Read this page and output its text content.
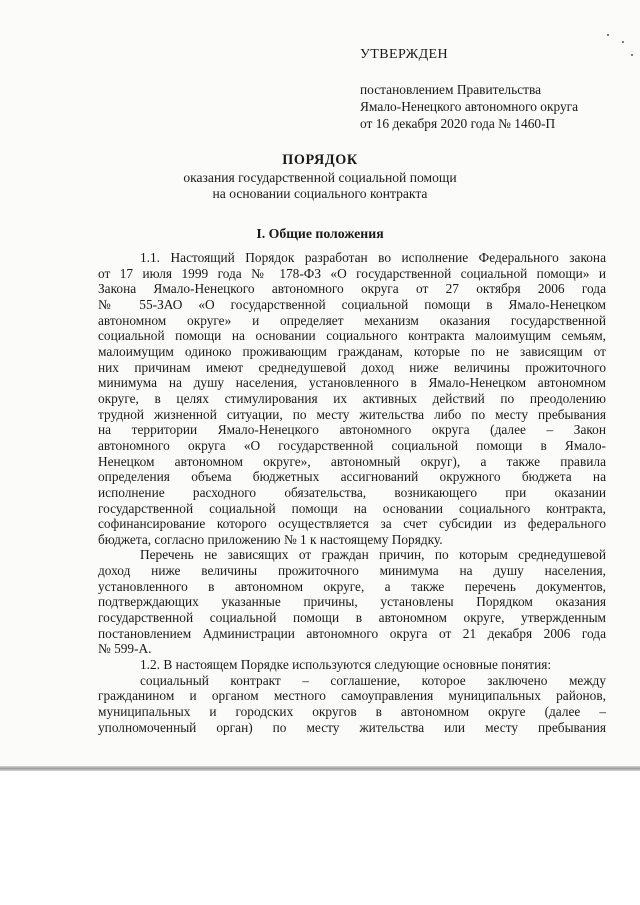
УТВЕРЖДЕН
постановлением Правительства
Ямало-Ненецкого автономного округа
от 16 декабря 2020 года № 1460-П
ПОРЯДОК
оказания государственной социальной помощи
на основании социального контракта
I. Общие положения

1.1. Настоящий Порядок разработан во исполнение Федерального закона
от 17 июля 1999 года № 178-ФЗ «О государственной социальной помощи» и
Закона Ямало-Ненецкого автономного округа от 27 октября 2006 года
№ 55-ЗАО «О государственной социальной помощи в Ямало-Ненецком
автономном округе» и определяет механизм оказания государственной
социальной помощи на основании социального контракта малоимущим семьям,
малоимущим одиноко проживающим гражданам, которые по не зависящим от
них причинам имеют среднедушевой доход ниже величины прожиточного
минимума на душу населения, установленного в Ямало-Ненецком автономном
округе, в целях стимулирования их активных действий по преодолению
трудной жизненной ситуации, по месту жительства либо по месту пребывания
на территории Ямало-Ненецкого автономного округа (далее – Закон
автономного округа «О государственной социальной помощи в Ямало-
Ненецком автономном округе», автономный округ), а также правила
определения объема бюджетных ассигнований окружного бюджета на
исполнение расходного обязательства, возникающего при оказании
государственной социальной помощи на основании социального контракта,
софинансирование которого осуществляется за счет субсидии из федерального
бюджета, согласно приложению № 1 к настоящему Порядку.

Перечень не зависящих от граждан причин, по которым среднедушевой
доход ниже величины прожиточного минимума на душу населения,
установленного в автономном округе, а также перечень документов,
подтверждающих указанные причины, установлены Порядком оказания
государственной социальной помощи в автономном округе, утвержденным
постановлением Администрации автономного округа от 21 декабря 2006 года
№ 599-А.

1.2. В настоящем Порядке используются следующие основные понятия:

социальный контракт – соглашение, которое заключено между
гражданином и органом местного самоуправления муниципальных районов,
муниципальных и городских округов в автономном округе (далее –
уполномоченный орган) по месту жительства или месту пребывания
